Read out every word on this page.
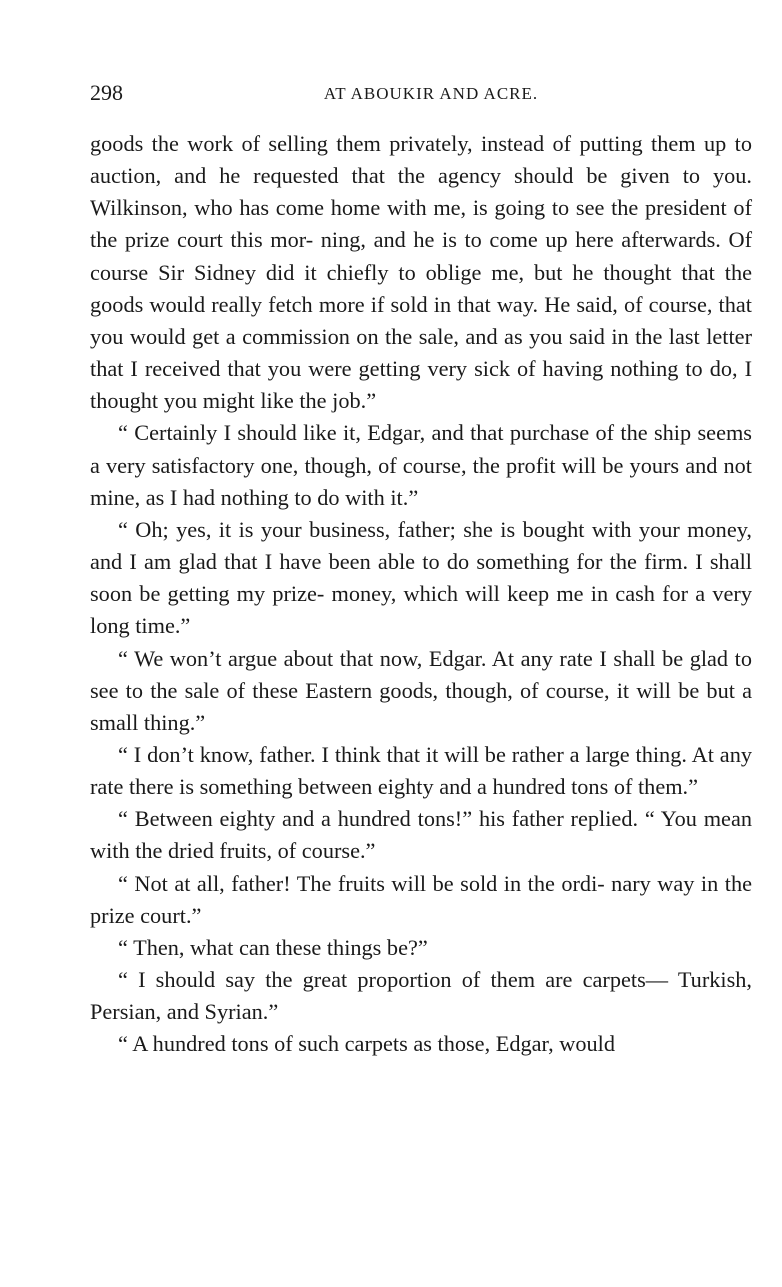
298	AT ABOUKIR AND ACRE.

goods the work of selling them privately, instead of putting them up to auction, and he requested that the agency should be given to you. Wilkinson, who has come home with me, is going to see the president of the prize court this mor- ning, and he is to come up here afterwards. Of course Sir Sidney did it chiefly to oblige me, but he thought that the goods would really fetch more if sold in that way. He said, of course, that you would get a commission on the sale, and as you said in the last letter that I received that you were getting very sick of having nothing to do, I thought you might like the job.”

“ Certainly I should like it, Edgar, and that purchase of the ship seems a very satisfactory one, though, of course, the profit will be yours and not mine, as I had nothing to do with it.”

“ Oh; yes, it is your business, father; she is bought with your money, and I am glad that I have been able to do something for the firm. I shall soon be getting my prize- money, which will keep me in cash for a very long time.”

“ We won’t argue about that now, Edgar. At any rate I shall be glad to see to the sale of these Eastern goods, though, of course, it will be but a small thing.”

“ I don’t know, father. I think that it will be rather a large thing. At any rate there is something between eighty and a hundred tons of them.”

“ Between eighty and a hundred tons!” his father replied. “ You mean with the dried fruits, of course.”

“ Not at all, father! The fruits will be sold in the ordi- nary way in the prize court.”

“ Then, what can these things be?”

“ I should say the great proportion of them are carpets— Turkish, Persian, and Syrian.”

“ A hundred tons of such carpets as those, Edgar, would
